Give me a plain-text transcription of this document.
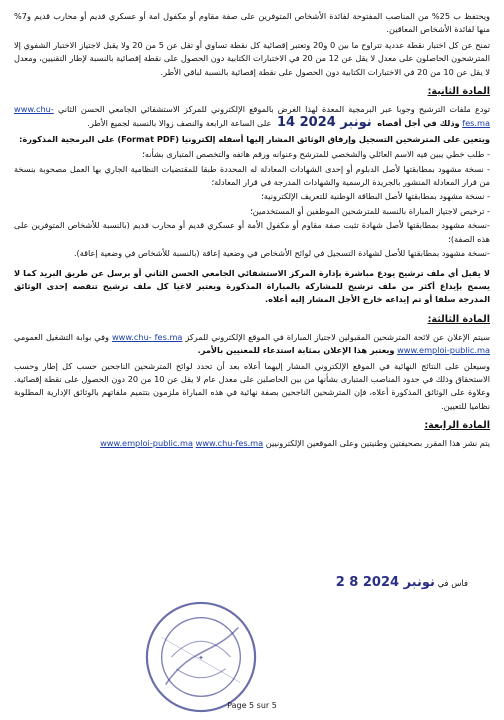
ويحتفظ ب 25% من المناصب المفتوحة لفائدة الأشخاص المتوفرين على صفة مقاوم أو مكفول امة أو عسكري قديم أو محارب قديم و7% منها لفائدة الأشخاص المعاقين.

تمنح عن كل اختبار نقطة عددية تتراوح ما بين 0 و20 وتعتبر إقصائية كل نقطة تساوي أو تقل عن 5 من 20 ولا يقبل لاجتياز الاختبار الشفوي إلا المترشحون الحاصلون على معدل لا يقل عن 12 من 20 في الاختبارات الكتابية دون الحصول على نقطة إقصائية بالنسبة لإطار التقنيين، ومعدل لا يقل عن 10 من 20 في الاختبارات الكتابية دون الحصول على نقطة إقصائية بالنسبة لباقي الأطر.

المادة الثانية:

تودع ملفات الترشيح وجوبا عبر البرمجية المعدة لهذا الغرض بالموقع الإلكتروني للمركز الاستشفائي الجامعي الحسن الثاني www.chu-fes.ma وذلك في أجل أقصاه 14 نونبر 2024 على الساعة الرابعة والنصف زوالا بالنسبة لجميع الأطر.

ويتعين على المترشحين التسجيل وإرفاق الوثائق المشار إليها أسفله إلكترونيا (Format PDF) على البرمجية المذكورة:

- طلب خطي يبين فيه الاسم العائلي والشخصي للمترشح وعنوانه ورقم هاتفه والتخصص المتبارى بشأنه؛

- نسخة مشهود بمطابقتها لأصل الدبلوم أو إحدى الشهادات المعادلة له المحددة طبقا للمقتضيات النظامية الجاري بها العمل مصحوبة بنسخة من قرار المعادلة المنشور بالجريدة الرسمية والشهادات المدرجة في قرار المعادلة؛

- نسخة مشهود بمطابقتها لأصل البطاقة الوطنية للتعريف الإلكترونية؛

- ترخيص لاجتياز المباراة بالنسبة للمترشحين الموظفين أو المستخدمين؛

-نسخة مشهود بمطابقتها لأصل شهادة تثبت صفة مقاوم أو مكفول الأمة أو عسكري قديم أو محارب قديم (بالنسبة للأشخاص المتوفرين على هذه الصفة)؛

-نسخة مشهود بمطابقتها للأصل لشهادة التسجيل في لوائح الأشخاص في وضعية إعاقة (بالنسبة للأشخاص في وضعية إعاقة).

لا يقبل أي ملف ترشيح يودع مباشرة بإدارة المركز الاستشفائي الجامعي الحسن الثاني أو يرسل عن طريق البريد كما لا يسمح بإيداع أكثر من ملف ترشيح للمشاركة بالمباراة المذكورة ويعتبر لاغيا كل ملف ترشيح تنقصه إحدى الوثائق المدرجة سلفا أو تم إيداعه خارج الأجل المشار إليه أعلاه.

المادة الثالثة:

سيتم الإعلان عن لائحة المترشحين المقبولين لاجتياز المباراة في الموقع الإلكتروني للمركز www.chu- fes.ma وفي بوابة التشغيل العمومي www.emploi-public.ma ويعتبر هذا الإعلان بمثابة استدعاء للمعنيين بالأمر.

وسيعلن على النتائج النهائية في الموقع الإلكتروني المشار إليهما أعلاه بعد أن تحدد لوائح المترشحين الناجحين حسب كل إطار وحسب الاستحقاق وذلك في حدود المناصب المتبارى بشأنها من بين الحاصلين على معدل عام لا يقل عن 10 من 20 دون الحصول على نقطة إقصائية. وعلاوة على الوثائق المذكورة أعلاه، فإن المترشحين الناجحين بصفة نهائية في هذه المباراة ملزمون بتتميم ملفاتهم بالوثائق الإدارية المطلوبة نظاميا للتعيين.

المادة الرابعة:

يتم نشر هذا المقرر بصحيفتين وطنيتين وعلى الموقعين الإلكترونيين www.emploi-public.ma www.chu-fes.ma

فاس في 2 8 نونبر 2024
✦
Page 5 sur 5
